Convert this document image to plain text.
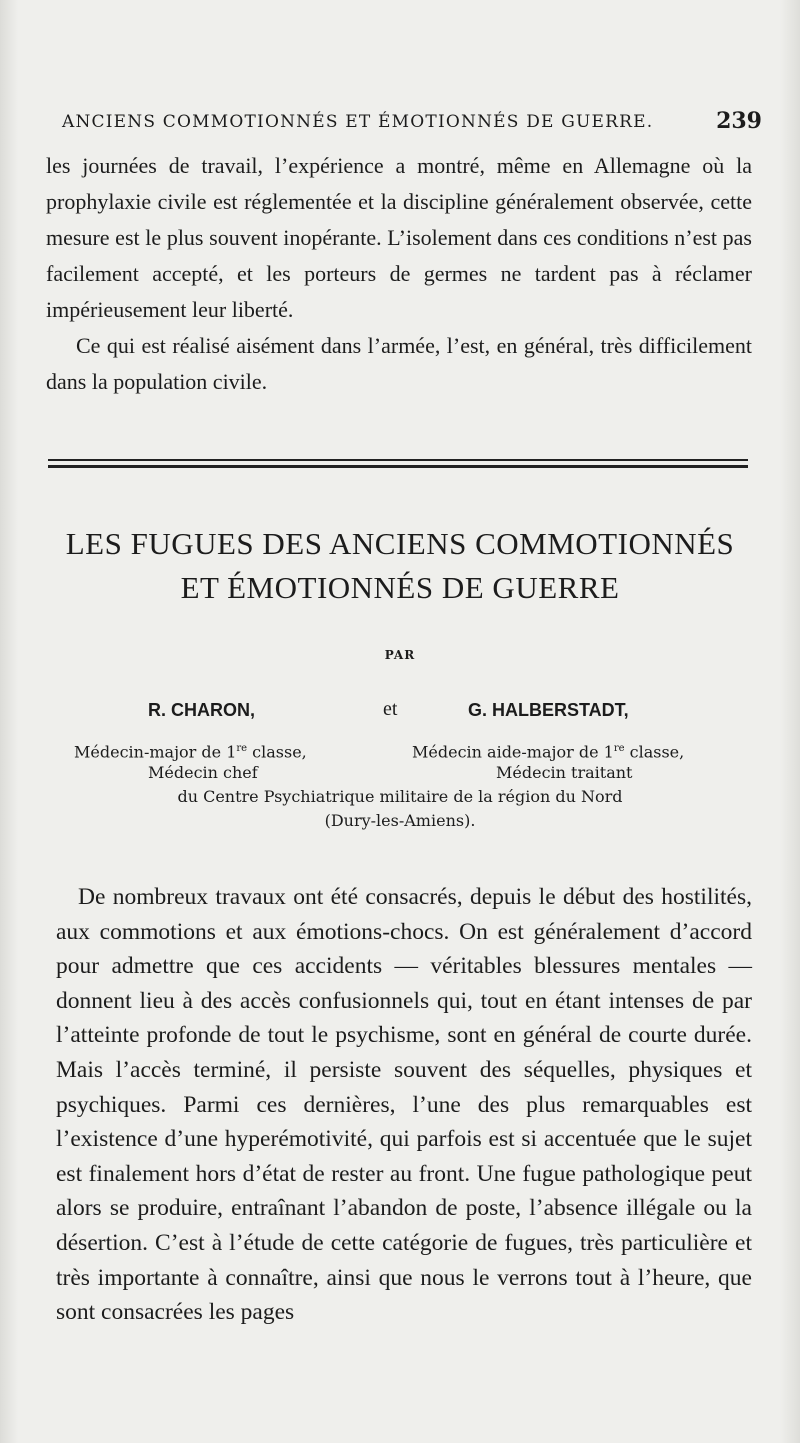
ANCIENS COMMOTIONNÉS ET ÉMOTIONNÉS DE GUERRE.	239

les journées de travail, l’expérience a montré, même en Allemagne où la prophylaxie civile est réglementée et la discipline généralement observée, cette mesure est le plus souvent inopérante. L’isolement dans ces conditions n’est pas facilement accepté, et les porteurs de germes ne tardent pas à réclamer impérieusement leur liberté.

Ce qui est réalisé aisément dans l’armée, l’est, en général, très difficilement dans la population civile.

LES FUGUES DES ANCIENS COMMOTIONNÉS
ET ÉMOTIONNÉS DE GUERRE
PAR
R. CHARON,	et	G. HALBERSTADT,
Médecin-major de 1re classe,	Médecin aide-major de 1re classe,
Médecin chef	Médecin traitant
du Centre Psychiatrique militaire de la région du Nord
(Dury-les-Amiens).

De nombreux travaux ont été consacrés, depuis le début des hostilités, aux commotions et aux émotions-chocs. On est généralement d’accord pour admettre que ces accidents — véritables blessures mentales — donnent lieu à des accès confusionnels qui, tout en étant intenses de par l’atteinte profonde de tout le psychisme, sont en général de courte durée. Mais l’accès terminé, il persiste souvent des séquelles, physiques et psychiques. Parmi ces dernières, l’une des plus remarquables est l’existence d’une hyperémotivité, qui parfois est si accentuée que le sujet est finalement hors d’état de rester au front. Une fugue pathologique peut alors se produire, entraînant l’abandon de poste, l’absence illégale ou la désertion. C’est à l’étude de cette catégorie de fugues, très particulière et très importante à connaître, ainsi que nous le verrons tout à l’heure, que sont consacrées les pages
